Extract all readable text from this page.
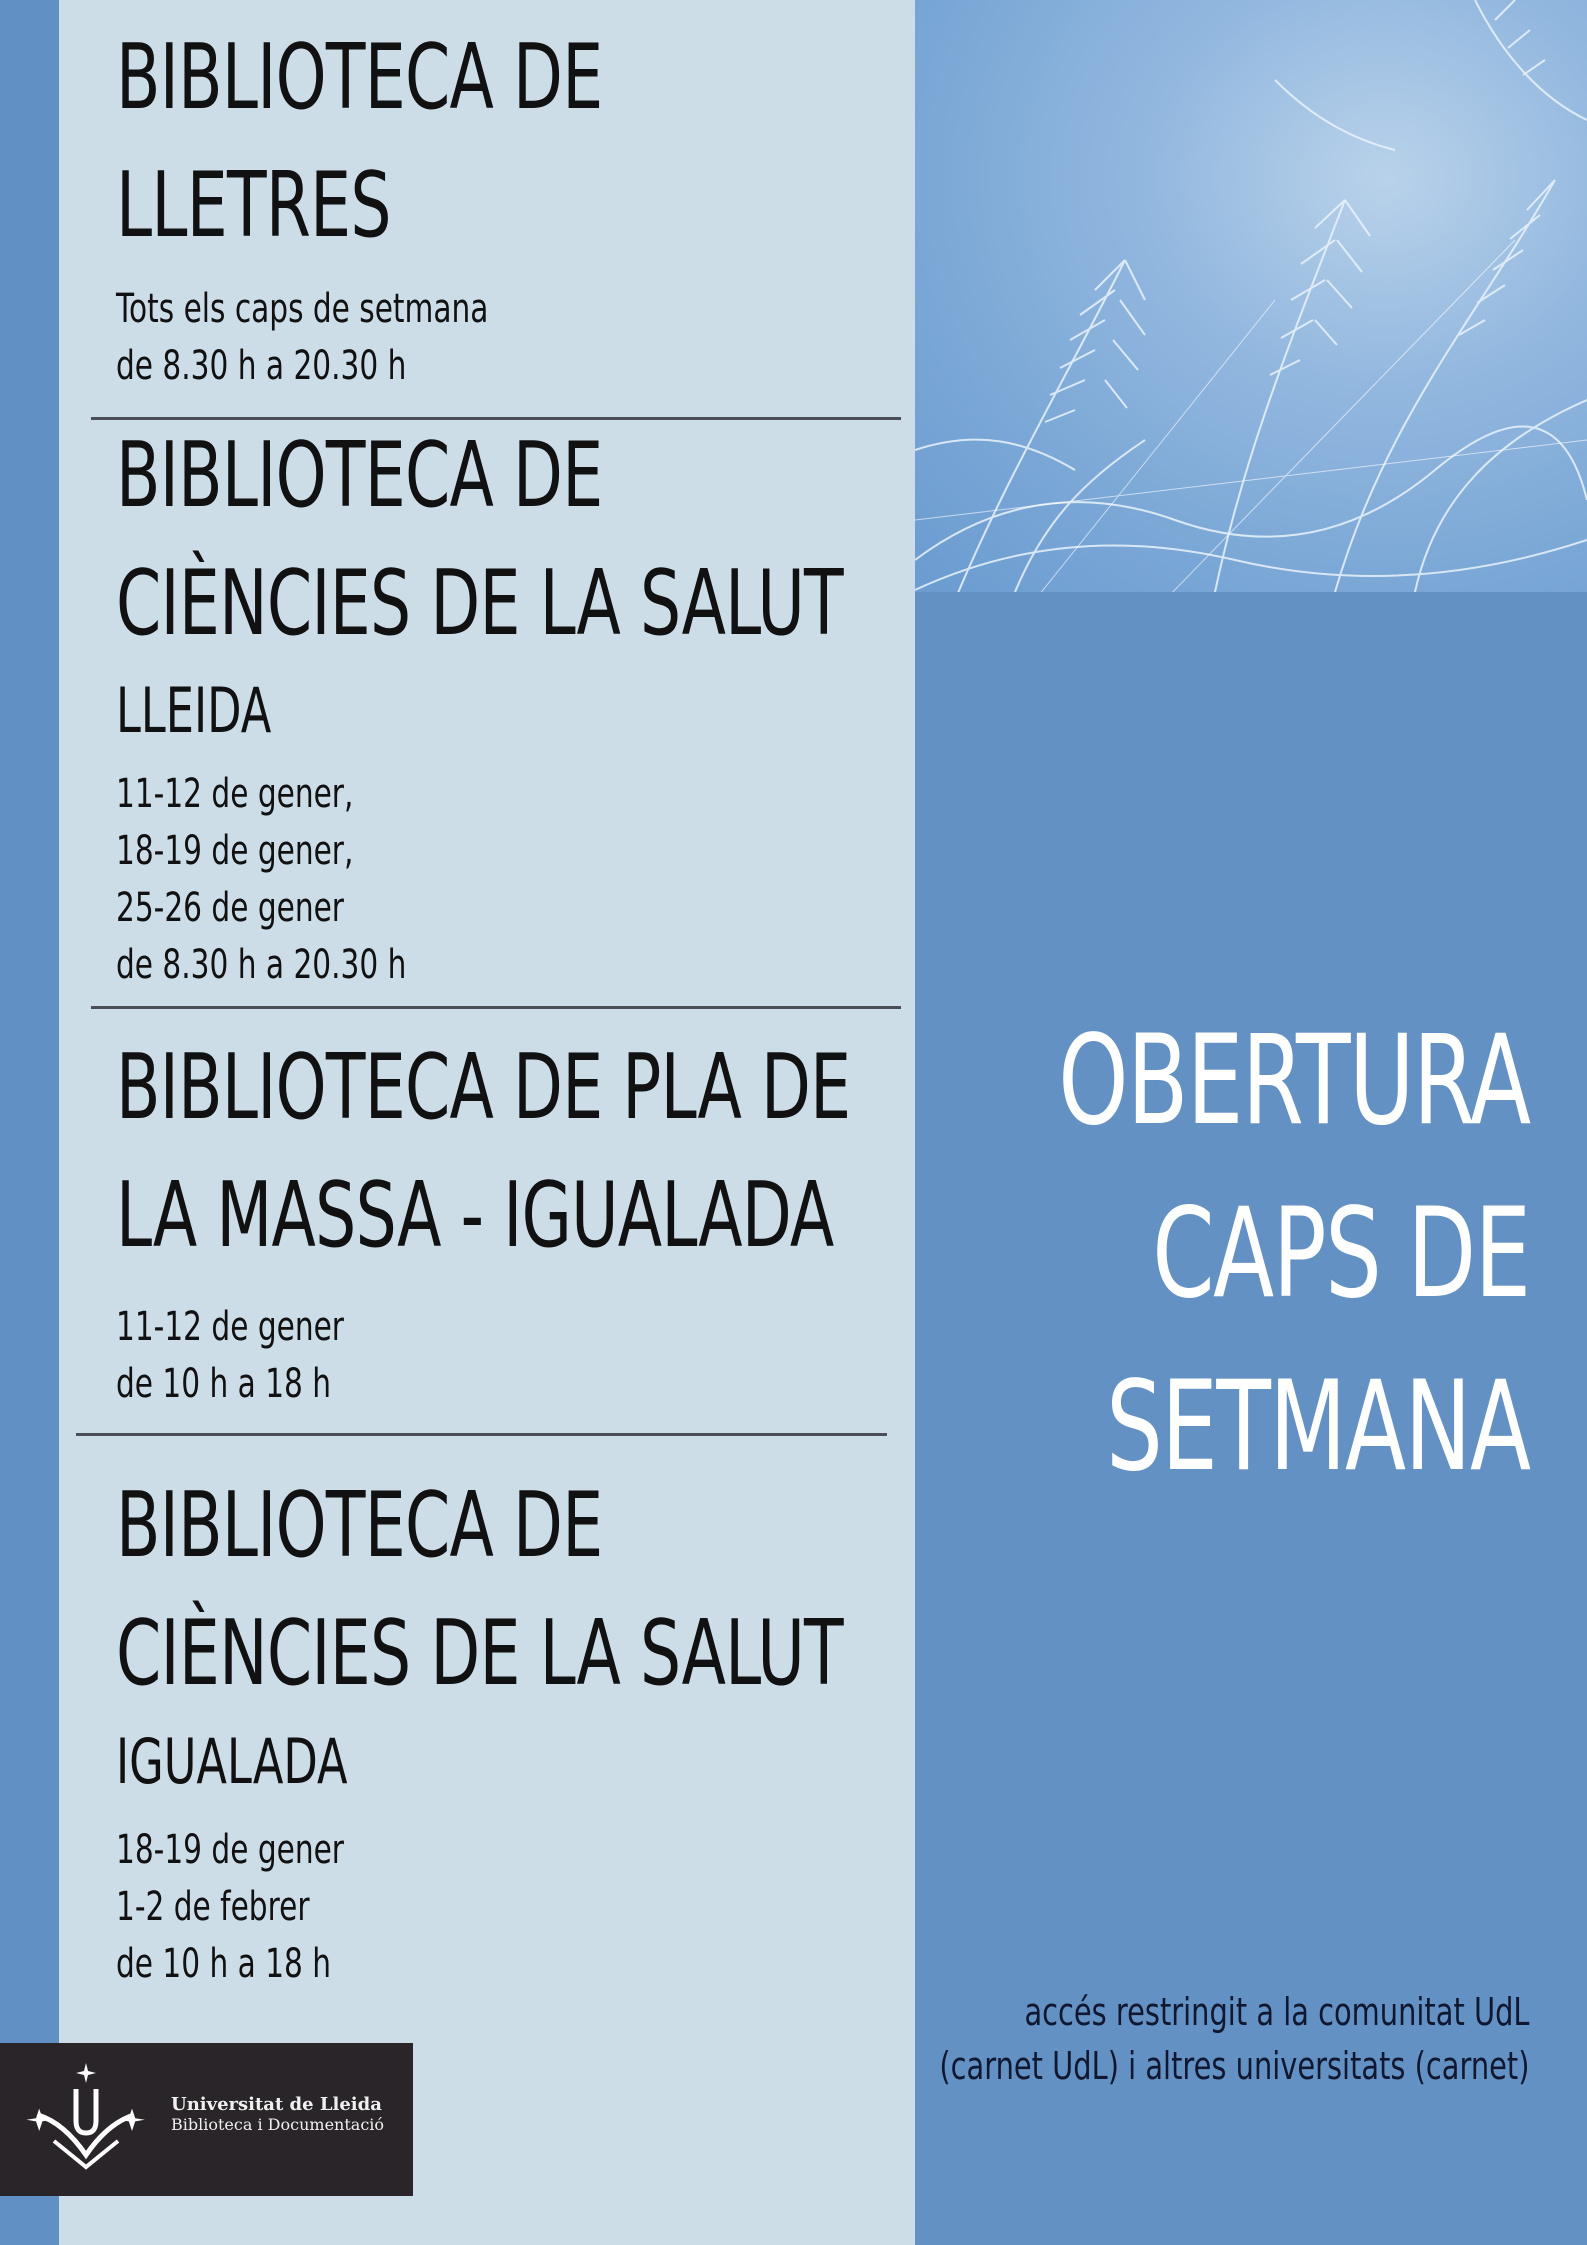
BIBLIOTECA DE
LLETRES
Tots els caps de setmana
de 8.30 h a 20.30 h
BIBLIOTECA DE
CIÈNCIES DE LA SALUT
LLEIDA
11-12 de gener,
18-19 de gener,
25-26 de gener
de 8.30 h a 20.30 h
BIBLIOTECA DE PLA DE
LA MASSA - IGUALADA
11-12 de gener
de 10 h a 18 h
BIBLIOTECA DE
CIÈNCIES DE LA SALUT
IGUALADA
18-19 de gener
1-2 de febrer
de 10 h a 18 h
OBERTURA
CAPS DE
SETMANA
accés restringit a la comunitat UdL
(carnet UdL) i altres universitats (carnet)
Universitat de Lleida
Biblioteca i Documentació
